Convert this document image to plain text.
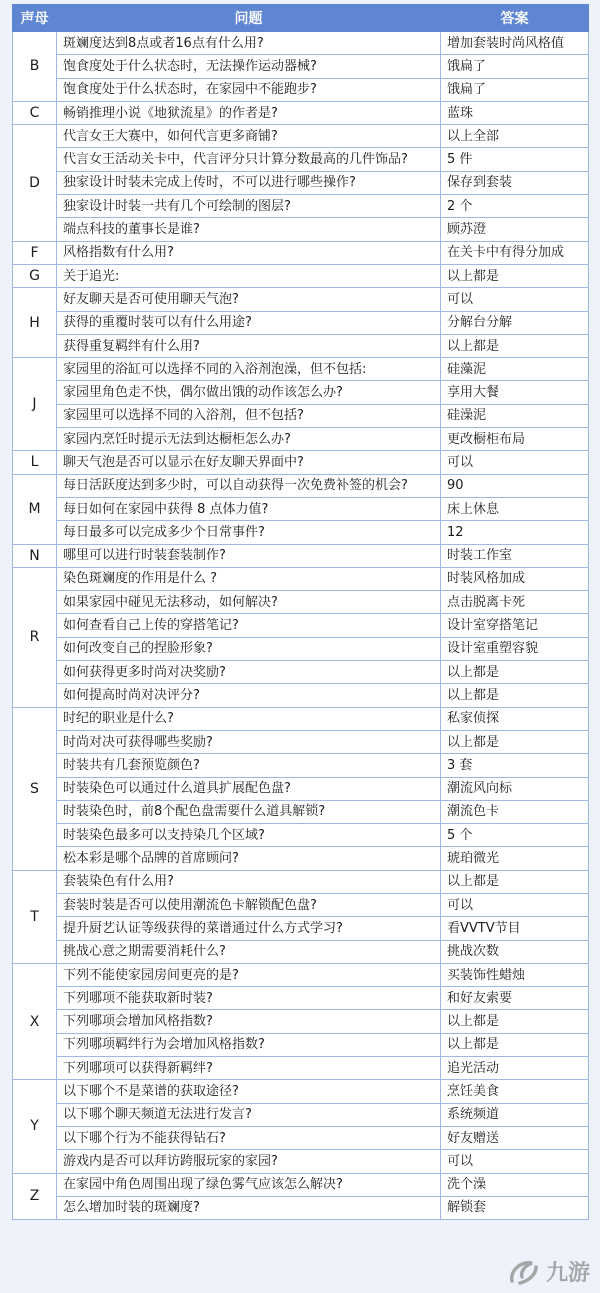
声母	问题	答案
B	斑斓度达到8点或者16点有什么用?	增加套装时尚风格值
	饱食度处于什么状态时，无法操作运动器械?	饿扁了
	饱食度处于什么状态时，在家园中不能跑步?	饿扁了
C	畅销推理小说《地狱流星》的作者是?	蓝珠
D	代言女王大赛中，如何代言更多商铺?	以上全部
	代言女王活动关卡中，代言评分只计算分数最高的几件饰品?	5 件
	独家设计时装未完成上传时，不可以进行哪些操作?	保存到套装
	独家设计时装一共有几个可绘制的图层?	2 个
	端点科技的董事长是谁?	顾苏澄
F	风格指数有什么用?	在关卡中有得分加成
G	关于追光:	以上都是
H	好友聊天是否可使用聊天气泡?	可以
	获得的重覆时装可以有什么用途?	分解台分解
	获得重复羁绊有什么用?	以上都是
J	家园里的浴缸可以选择不同的入浴剂泡澡，但不包括:	硅藻泥
	家园里角色走不快，偶尔做出饿的动作该怎么办?	享用大餐
	家园里可以选择不同的入浴剂，但不包括?	硅澡泥
	家园内烹饪时提示无法到达橱柜怎么办?	更改橱柜布局
L	聊天气泡是否可以显示在好友聊天界面中?	可以
M	每日活跃度达到多少时，可以自动获得一次免费补签的机会?	90
	每日如何在家园中获得 8 点体力值?	床上休息
	每日最多可以完成多少个日常事件?	12
N	哪里可以进行时装套装制作?	时装工作室
R	染色斑斓度的作用是什么 ?	时装风格加成
	如果家园中碰见无法移动，如何解决?	点击脱离卡死
	如何查看自己上传的穿搭笔记?	设计室穿搭笔记
	如何改变自己的捏脸形象?	设计室重塑容貌
	如何获得更多时尚对决奖励?	以上都是
	如何提高时尚对决评分?	以上都是
S	时纪的职业是什么?	私家侦探
	时尚对决可获得哪些奖励?	以上都是
	时装共有几套预览颜色?	3 套
	时装染色可以通过什么道具扩展配色盘?	潮流风向标
	时装染色时，前8个配色盘需要什么道具解锁?	潮流色卡
	时装染色最多可以支持染几个区域?	5 个
	松本彩是哪个品牌的首席顾问?	琥珀微光
T	套装染色有什么用?	以上都是
	套装时装是否可以使用潮流色卡解锁配色盘?	可以
	提升厨艺认证等级获得的菜谱通过什么方式学习?	看VVTV节目
	挑战心意之期需要消耗什么?	挑战次数
X	下列不能使家园房间更亮的是?	买装饰性蜡烛
	下列哪项不能获取新时装?	和好友索要
	下列哪项会增加风格指数?	以上都是
	下列哪项羁绊行为会增加风格指数?	以上都是
	下列哪项可以获得新羁绊?	追光活动
Y	以下哪个不是菜谱的获取途径?	烹饪美食
	以下哪个聊天频道无法进行发言?	系统频道
	以下哪个行为不能获得钻石?	好友赠送
	游戏内是否可以拜访跨服玩家的家园?	可以
Z	在家园中角色周围出现了绿色雾气应该怎么解决?	洗个澡
	怎么增加时装的斑斓度?	解锁套
九游
